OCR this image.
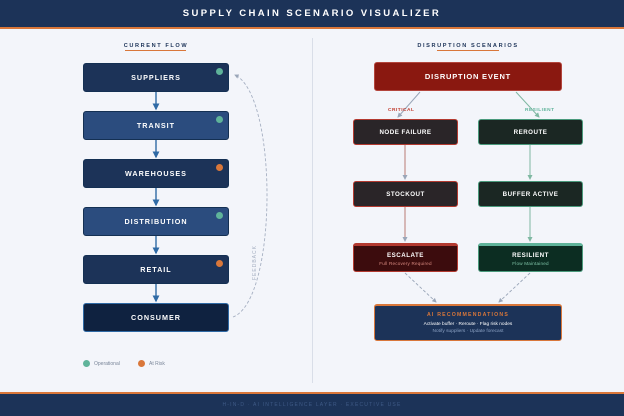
SUPPLY CHAIN SCENARIO VISUALIZER
CURRENT FLOW
SUPPLIERS
TRANSIT
WAREHOUSES
DISTRIBUTION
RETAIL
CONSUMER
FEEDBACK
Operational	At Risk
DISRUPTION SCENARIOS
DISRUPTION EVENT
CRITICAL	RESILIENT
NODE FAILURE	REROUTE
STOCKOUT	BUFFER ACTIVE
ESCALATE
Full Recovery Required
RESILIENT
Flow Maintained
AI RECOMMENDATIONS
Activate buffer · Reroute · Flag risk nodes
Notify suppliers · Update forecast
H-IN-D · AI INTELLIGENCE LAYER · EXECUTIVE USE
